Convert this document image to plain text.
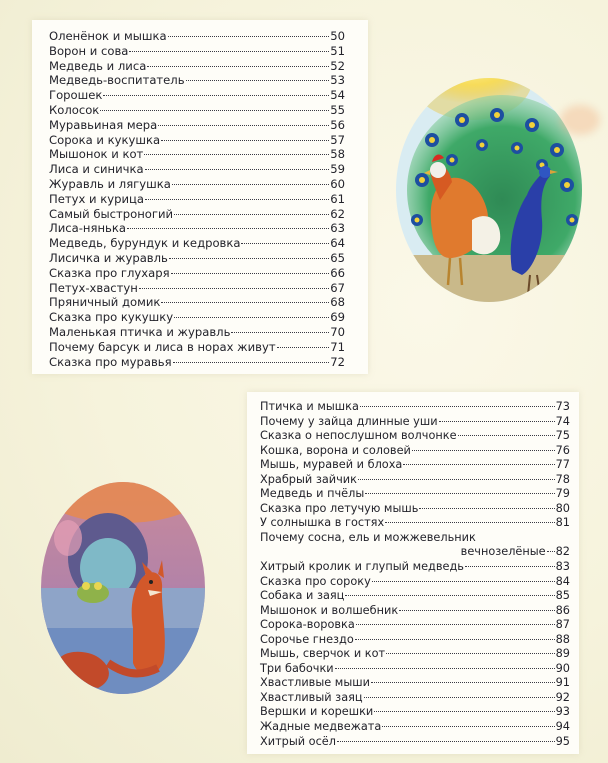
Оленёнок и мышка	50
Ворон и сова	51
Медведь и лиса	52
Медведь-воспитатель	53
Горошек	54
Колосок	55
Муравьиная мера	56
Сорока и кукушка	57
Мышонок и кот	58
Лиса и синичка	59
Журавль и лягушка	60
Петух и курица	61
Самый быстроногий	62
Лиса-нянька	63
Медведь, бурундук и кедровка	64
Лисичка и журавль	65
Сказка про глухаря	66
Петух-хвастун	67
Пряничный домик	68
Сказка про кукушку	69
Маленькая птичка и журавль	70
Почему барсук и лиса в норах живут	71
Сказка про муравья	72
Птичка и мышка	73
Почему у зайца длинные уши	74
Сказка о непослушном волчонке	75
Кошка, ворона и соловей	76
Мышь, муравей и блоха	77
Храбрый зайчик	78
Медведь и пчёлы	79
Сказка про летучую мышь	80
У солнышка в гостях	81
Почему сосна, ель и можжевельник
вечнозелёные 82
Хитрый кролик и глупый медведь	83
Сказка про сороку	84
Собака и заяц	85
Мышонок и волшебник	86
Сорока-воровка	87
Сорочье гнездо	88
Мышь, сверчок и кот	89
Три бабочки	90
Хвастливые мыши	91
Хвастливый заяц	92
Вершки и корешки	93
Жадные медвежата	94
Хитрый осёл	95
